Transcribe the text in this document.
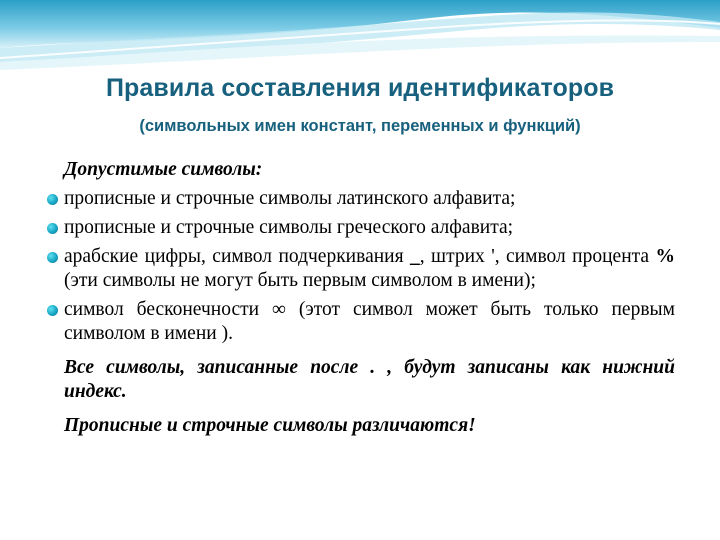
Правила составления идентификаторов
(символьных имен констант, переменных и функций)
Допустимые символы:
прописные и строчные символы латинского алфавита;
прописные и строчные символы греческого алфавита;
арабские цифры, символ подчеркивания _, штрих ', символ процента % (эти символы не могут быть первым символом в имени);
символ бесконечности ∞ (этот символ может быть только первым символом в имени ).
Все символы, записанные после . , будут записаны как нижний индекс.
Прописные и строчные символы различаются!
